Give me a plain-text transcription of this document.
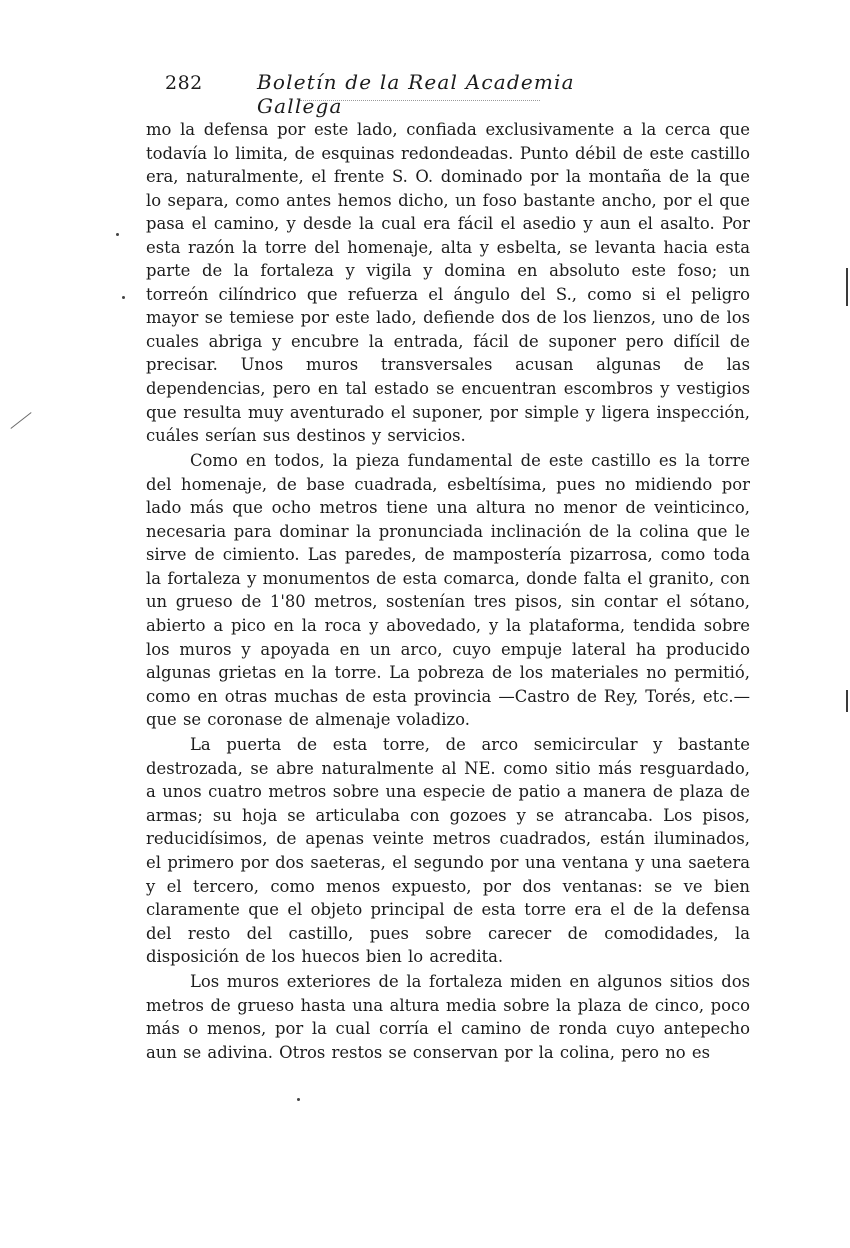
282	Boletín de la Real Academia Gallega

mo la defensa por este lado, confiada exclusivamente a la cerca que todavía lo limita, de esquinas redondeadas. Punto débil de este castillo era, naturalmente, el frente S. O. dominado por la montaña de la que lo separa, como antes hemos dicho, un foso bastante ancho, por el que pasa el camino, y desde la cual era fácil el asedio y aun el asalto. Por esta razón la torre del homenaje, alta y esbelta, se levanta hacia esta parte de la fortaleza y vigila y domina en absoluto este foso; un torreón cilíndrico que refuerza el ángulo del S., como si el peligro mayor se temiese por este lado, defiende dos de los lienzos, uno de los cuales abriga y encubre la entrada, fácil de suponer pero difícil de precisar. Unos muros transversales acusan algunas de las dependencias, pero en tal estado se encuentran escombros y vestigios que resulta muy aventurado el suponer, por simple y ligera inspección, cuáles serían sus destinos y servicios.

Como en todos, la pieza fundamental de este castillo es la torre del homenaje, de base cuadrada, esbeltísima, pues no midiendo por lado más que ocho metros tiene una altura no menor de veinticinco, necesaria para dominar la pronunciada inclinación de la colina que le sirve de cimiento. Las paredes, de mampostería pizarrosa, como toda la fortaleza y monumentos de esta comarca, donde falta el granito, con un grueso de 1'80 metros, sostenían tres pisos, sin contar el sótano, abierto a pico en la roca y abovedado, y la plataforma, tendida sobre los muros y apoyada en un arco, cuyo empuje lateral ha producido algunas grietas en la torre. La pobreza de los materiales no permitió, como en otras muchas de esta provincia —Castro de Rey, Torés, etc.— que se coronase de almenaje voladizo.

La puerta de esta torre, de arco semicircular y bastante destrozada, se abre naturalmente al NE. como sitio más resguardado, a unos cuatro metros sobre una especie de patio a manera de plaza de armas; su hoja se articulaba con gozoes y se atrancaba. Los pisos, reducidísimos, de apenas veinte metros cuadrados, están iluminados, el primero por dos saeteras, el segundo por una ventana y una saetera y el tercero, como menos expuesto, por dos ventanas: se ve bien claramente que el objeto principal de esta torre era el de la defensa del resto del castillo, pues sobre carecer de comodidades, la disposición de los huecos bien lo acredita.

Los muros exteriores de la fortaleza miden en algunos sitios dos metros de grueso hasta una altura media sobre la plaza de cinco, poco más o menos, por la cual corría el camino de ronda cuyo antepecho aun se adivina. Otros restos se conservan por la colina, pero no es
